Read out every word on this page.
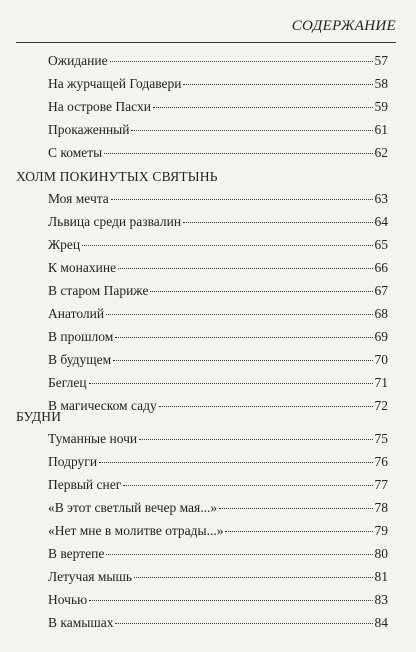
СОДЕРЖАНИЕ
Ожидание	57
На журчащей Годавери	58
На острове Пасхи	59
Прокаженный	61
С кометы	62
ХОЛМ ПОКИНУТЫХ СВЯТЫНЬ
Моя мечта	63
Львица среди развалин	64
Жрец	65
К монахине	66
В старом Париже	67
Анатолий	68
В прошлом	69
В будущем	70
Беглец	71
В магическом саду	72
БУДНИ
Туманные ночи	75
Подруги	76
Первый снег	77
«В этот светлый вечер мая...»	78
«Нет мне в молитве отрады...»	79
В вертепе	80
Летучая мышь	81
Ночью	83
В камышах	84
